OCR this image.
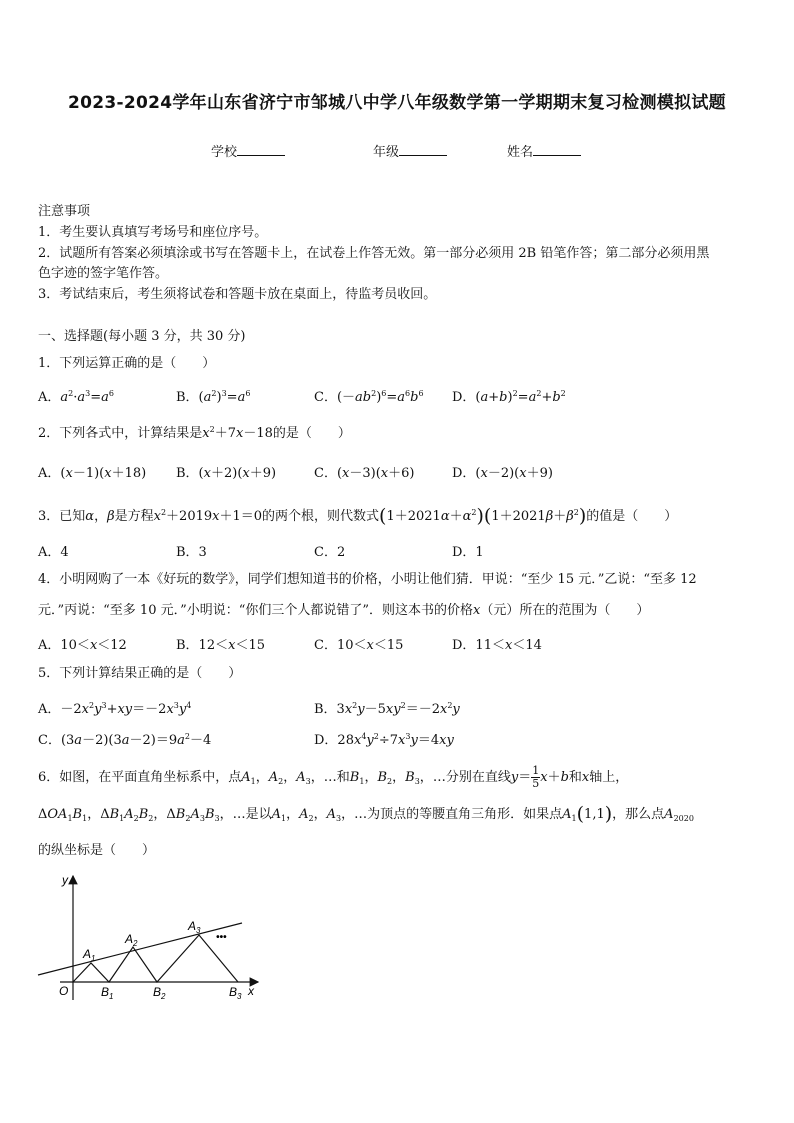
2023-2024学年山东省济宁市邹城八中学八年级数学第一学期期末复习检测模拟试题
学校	年级	姓名
注意事项
1．考生要认真填写考场号和座位序号。
2．试题所有答案必须填涂或书写在答题卡上，在试卷上作答无效。第一部分必须用 2B 铅笔作答；第二部分必须用黑
色字迹的签字笔作答。
3．考试结束后，考生须将试卷和答题卡放在桌面上，待监考员收回。
一、选择题(每小题 3 分，共 30 分)
1．下列运算正确的是（　　）
A．$a^2\cdot a^3=a^6$	B．$(a^2)^3=a^6$	C．$(-ab^2)^6=a^6b^6$ D．$(a+b)^2=a^2+b^2$
2．下列各式中，计算结果是$x^2+7x-18$的是（　　）
A．(x－1)(x＋18) B．(x＋2)(x＋9)	C．(x－3)(x＋6)	D．(x－2)(x＋9)
3．已知α，β是方程$x^2+2019x+1=0$的两个根，则代数式$(1+2021\alpha+\alpha^2)(1+2021\beta+\beta^2)$的值是（　　）
A．4	B．3	C．2	D．1
4．小明网购了一本《好玩的数学》，同学们想知道书的价格，小明让他们猜．甲说：“至少 15 元．”乙说：“至多 12
元．”丙说：“至多 10 元．”小明说：“你们三个人都说错了”．则这本书的价格x（元）所在的范围为（　　）
A．10＜x＜12	B．12＜x＜15	C．10＜x＜15	D．11＜x＜14
5．下列计算结果正确的是（　　）
A．$-2x^2y^3+xy=-2x^3y^4$	B．$3x^2y-5xy^2=-2x^2y$
C．$(3a-2)(3a-2)=9a^2-4$	D．$28x^4y^2\div 7x^3y=4xy$
6．如图，在平面直角坐标系中，点$A_1$，$A_2$，$A_3$，…和$B_1$，$B_2$，$B_3$，…分别在直线$y= \frac{1}{5} x+b$和x轴上，
$\Delta OA_1B_1$，$\Delta B_1A_2B_2$，$\Delta B_2A_3B_3$，…是以$A_1$，$A_2$，$A_3$，…为顶点的等腰直角三角形．如果点$A_1(1,1)$，那么点$A_{2020}$
的纵坐标是（　　）
y
x
O
$A_1$
$A_2$
$A_3$
$B_1$	$B_2$	$B_3$
•••
